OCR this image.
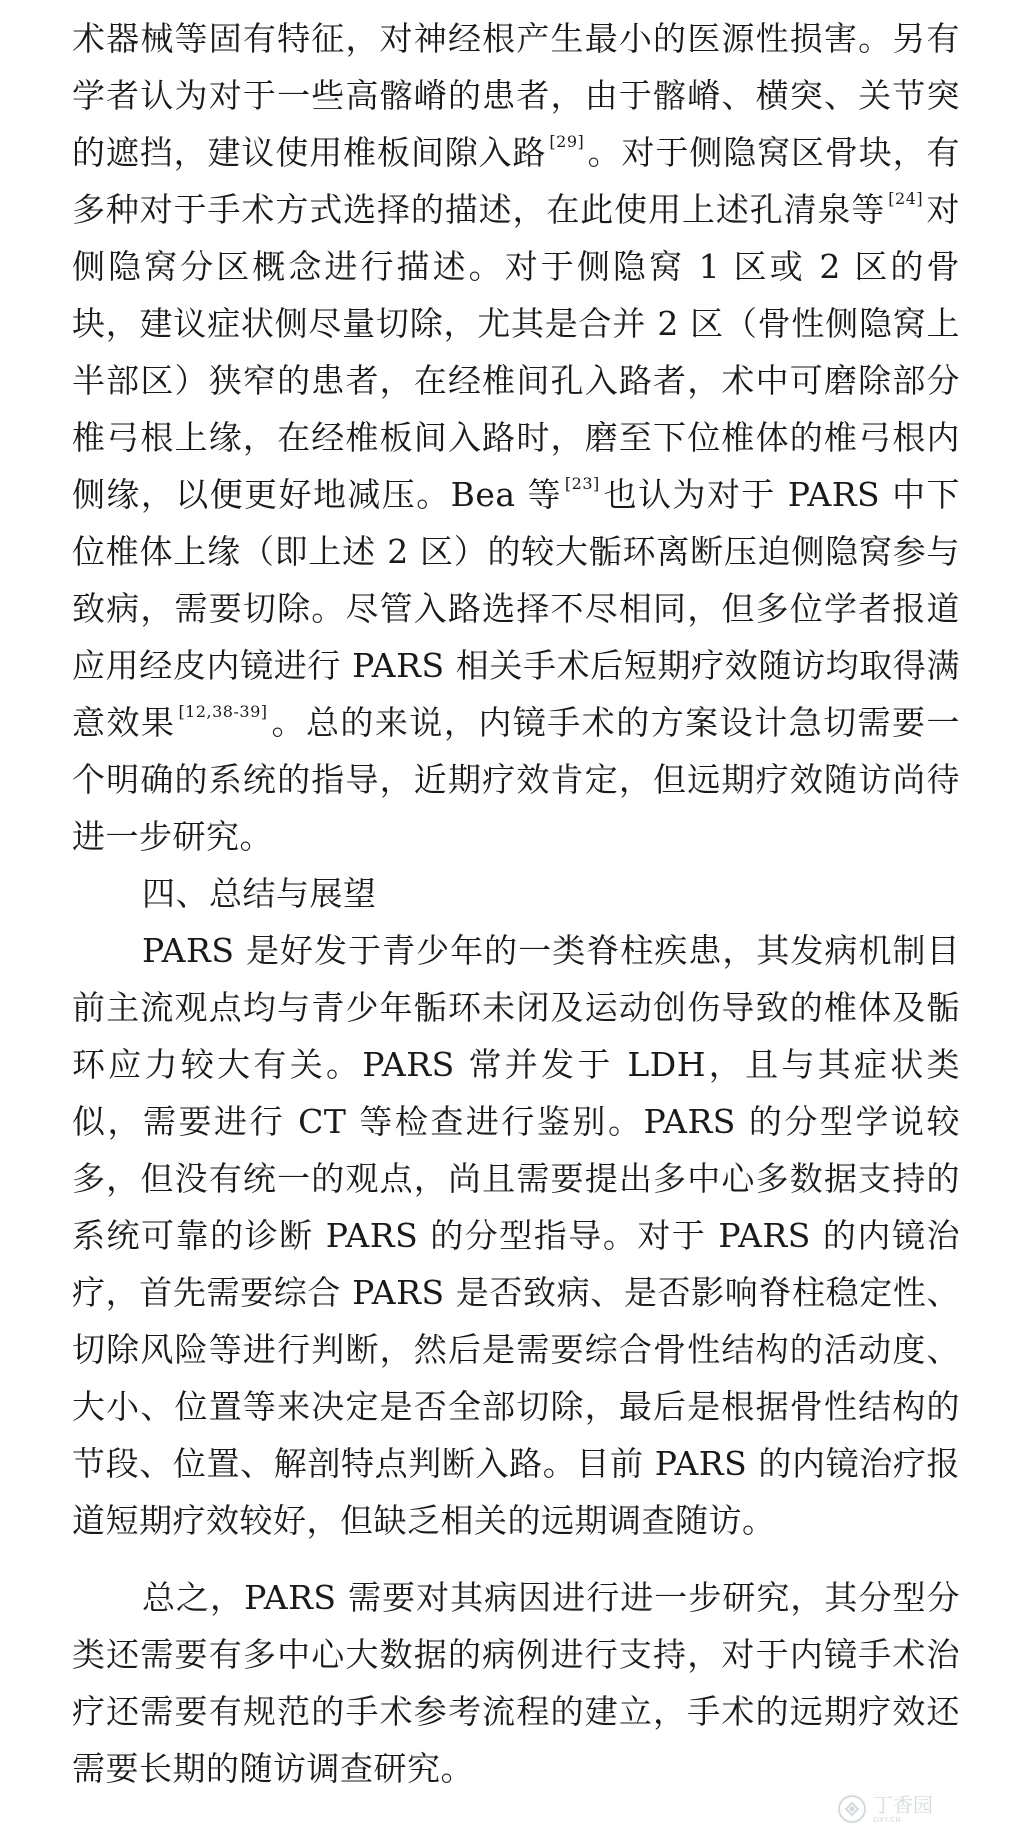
术器械等固有特征，对神经根产生最小的医源性损害。另有学者认为对于一些高髂嵴的患者，由于髂嵴、横突、关节突的遮挡，建议使用椎板间隙入路 [29]。对于侧隐窝区骨块，有多种对于手术方式选择的描述，在此使用上述孔清泉等 [24]对侧隐窝分区概念进行描述。对于侧隐窝 1 区或 2 区的骨块，建议症状侧尽量切除，尤其是合并 2 区（骨性侧隐窝上半部区）狭窄的患者，在经椎间孔入路者，术中可磨除部分椎弓根上缘，在经椎板间入路时，磨至下位椎体的椎弓根内侧缘，以便更好地减压。Bea 等 [23]也认为对于 PARS 中下位椎体上缘（即上述 2 区）的较大骺环离断压迫侧隐窝参与致病，需要切除。尽管入路选择不尽相同，但多位学者报道应用经皮内镜进行 PARS 相关手术后短期疗效随访均取得满意效果 [12,38-39]。总的来说，内镜手术的方案设计急切需要一个明确的系统的指导，近期疗效肯定，但远期疗效随访尚待进一步研究。

四、总结与展望

PARS 是好发于青少年的一类脊柱疾患，其发病机制目前主流观点均与青少年骺环未闭及运动创伤导致的椎体及骺环应力较大有关。PARS 常并发于 LDH，且与其症状类似，需要进行 CT 等检查进行鉴别。PARS 的分型学说较多，但没有统一的观点，尚且需要提出多中心多数据支持的系统可靠的诊断 PARS 的分型指导。对于 PARS 的内镜治疗，首先需要综合 PARS 是否致病、是否影响脊柱稳定性、切除风险等进行判断，然后是需要综合骨性结构的活动度、大小、位置等来决定是否全部切除，最后是根据骨性结构的节段、位置、解剖特点判断入路。目前 PARS 的内镜治疗报道短期疗效较好，但缺乏相关的远期调查随访。

总之，PARS 需要对其病因进行进一步研究，其分型分类还需要有多中心大数据的病例进行支持，对于内镜手术治疗还需要有规范的手术参考流程的建立，手术的远期疗效还需要长期的随访调查研究。

丁香园
DXY.CN
